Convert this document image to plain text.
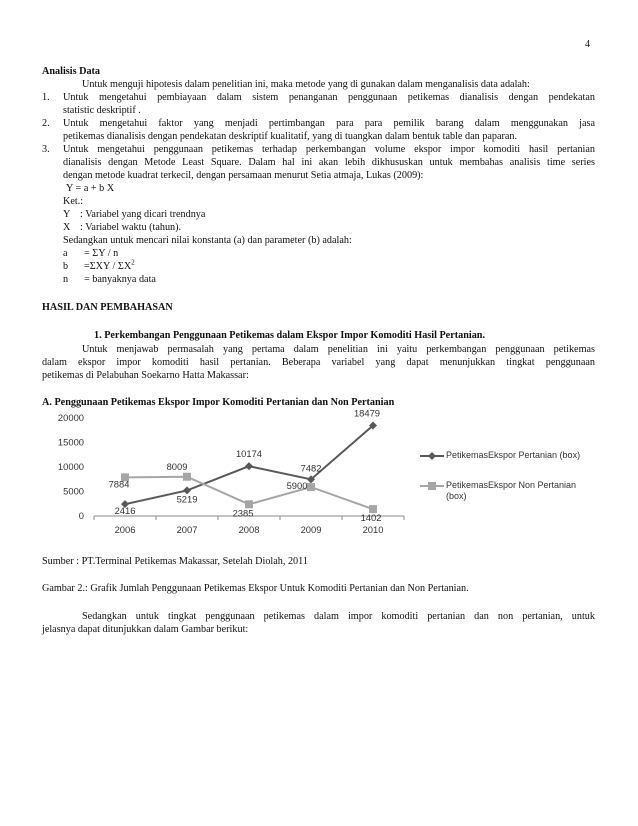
4
Analisis Data
Untuk menguji hipotesis dalam penelitian ini, maka metode yang di gunakan dalam menganalisis data adalah:
1. Untuk mengetahui pembiayaan dalam sistem penanganan penggunaan petikemas dianalisis dengan pendekatan
statistic deskriptif .
2. Untuk mengetahui faktor yang menjadi pertimbangan para para pemilik barang dalam menggunakan jasa
petikemas dianalisis dengan pendekatan deskriptif kualitatif, yang di tuangkan dalam bentuk table dan paparan.
3. Untuk mengetahui penggunaan petikemas terhadap perkembangan volume ekspor impor komoditi hasil pertanian
dianalisis dengan Metode Least Square. Dalam hal ini akan lebih dikhususkan untuk membahas analisis time series
dengan metode kuadrat terkecil, dengan persamaan menurut Setia atmaja, Lukas (2009):
Y = a + b X
Ket.:
Y : Variabel yang dicari trendnya
X : Variabel waktu (tahun).
Sedangkan untuk mencari nilai konstanta (a) dan parameter (b) adalah:
a = ΣY / n
$b =\Sigma XY / \Sigma X^2$
n = banyaknya data
HASIL DAN PEMBAHASAN
1. Perkembangan Penggunaan Petikemas dalam Ekspor Impor Komoditi Hasil Pertanian.
Untuk menjawab permasalah yang pertama dalam penelitian ini yaitu perkembangan penggunaan petikemas
dalam ekspor impor komoditi hasil pertanian. Beberapa variabel yang dapat menunjukkan tingkat penggunaan
petikemas di Pelabuhan Soekarno Hatta Makassar:
A. Penggunaan Petikemas Ekspor Impor Komoditi Pertanian dan Non Pertanian
0
5000
10000
15000
20000
2006	2007	2008	2009	2010
2416
5219
10174
7482
18479
7884
8009
2385
5900
1402
PetikemasEkspor Pertanian (box)
PetikemasEkspor Non Pertanian (box)
Sumber : PT.Terminal Petikemas Makassar, Setelah Diolah, 2011
Gambar 2.: Grafik Jumlah Penggunaan Petikemas Ekspor Untuk Komoditi Pertanian dan Non Pertanian.
Sedangkan untuk tingkat penggunaan petikemas dalam impor komoditi pertanian dan non pertanian, untuk
jelasnya dapat ditunjukkan dalam Gambar berikut:
